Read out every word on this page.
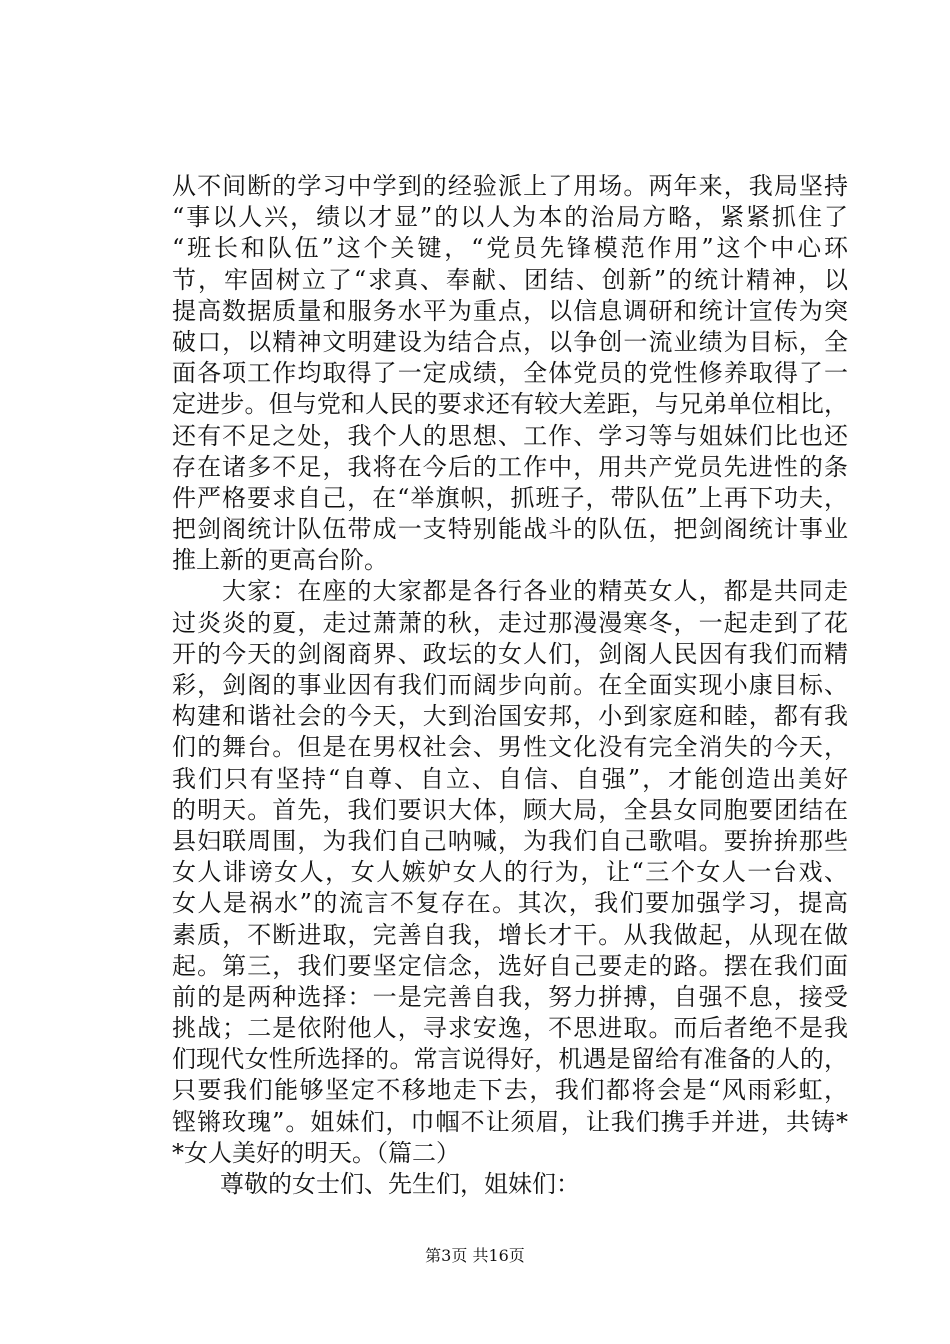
从不间断的学习中学到的经验派上了用场。两年来，我局坚持
“事以人兴，绩以才显”的以人为本的治局方略，紧紧抓住了
“班长和队伍”这个关键，“党员先锋模范作用”这个中心环
节，牢固树立了“求真、奉献、团结、创新”的统计精神，以
提高数据质量和服务水平为重点，以信息调研和统计宣传为突
破口，以精神文明建设为结合点，以争创一流业绩为目标，全
面各项工作均取得了一定成绩，全体党员的党性修养取得了一
定进步。但与党和人民的要求还有较大差距，与兄弟单位相比，
还有不足之处，我个人的思想、工作、学习等与姐妹们比也还
存在诸多不足，我将在今后的工作中，用共产党员先进性的条
件严格要求自己，在“举旗帜，抓班子，带队伍”上再下功夫，
把剑阁统计队伍带成一支特别能战斗的队伍，把剑阁统计事业
推上新的更高台阶。
　　大家：在座的大家都是各行各业的精英女人，都是共同走
过炎炎的夏，走过萧萧的秋，走过那漫漫寒冬，一起走到了花
开的今天的剑阁商界、政坛的女人们，剑阁人民因有我们而精
彩，剑阁的事业因有我们而阔步向前。在全面实现小康目标、
构建和谐社会的今天，大到治国安邦，小到家庭和睦，都有我
们的舞台。但是在男权社会、男性文化没有完全消失的今天，
我们只有坚持“自尊、自立、自信、自强”，才能创造出美好
的明天。首先，我们要识大体，顾大局，全县女同胞要团结在
县妇联周围，为我们自己呐喊，为我们自己歌唱。要拚拚那些
女人诽谤女人，女人嫉妒女人的行为，让“三个女人一台戏、
女人是祸水”的流言不复存在。其次，我们要加强学习，提高
素质，不断进取，完善自我，增长才干。从我做起，从现在做
起。第三，我们要坚定信念，选好自己要走的路。摆在我们面
前的是两种选择：一是完善自我，努力拼搏，自强不息，接受
挑战；二是依附他人，寻求安逸，不思进取。而后者绝不是我
们现代女性所选择的。常言说得好，机遇是留给有准备的人的，
只要我们能够坚定不移地走下去，我们都将会是“风雨彩虹，
铿锵玫瑰”。姐妹们，巾帼不让须眉，让我们携手并进，共铸*
*女人美好的明天。（篇二）
　　尊敬的女士们、先生们，姐妹们：
第3页 共16页
